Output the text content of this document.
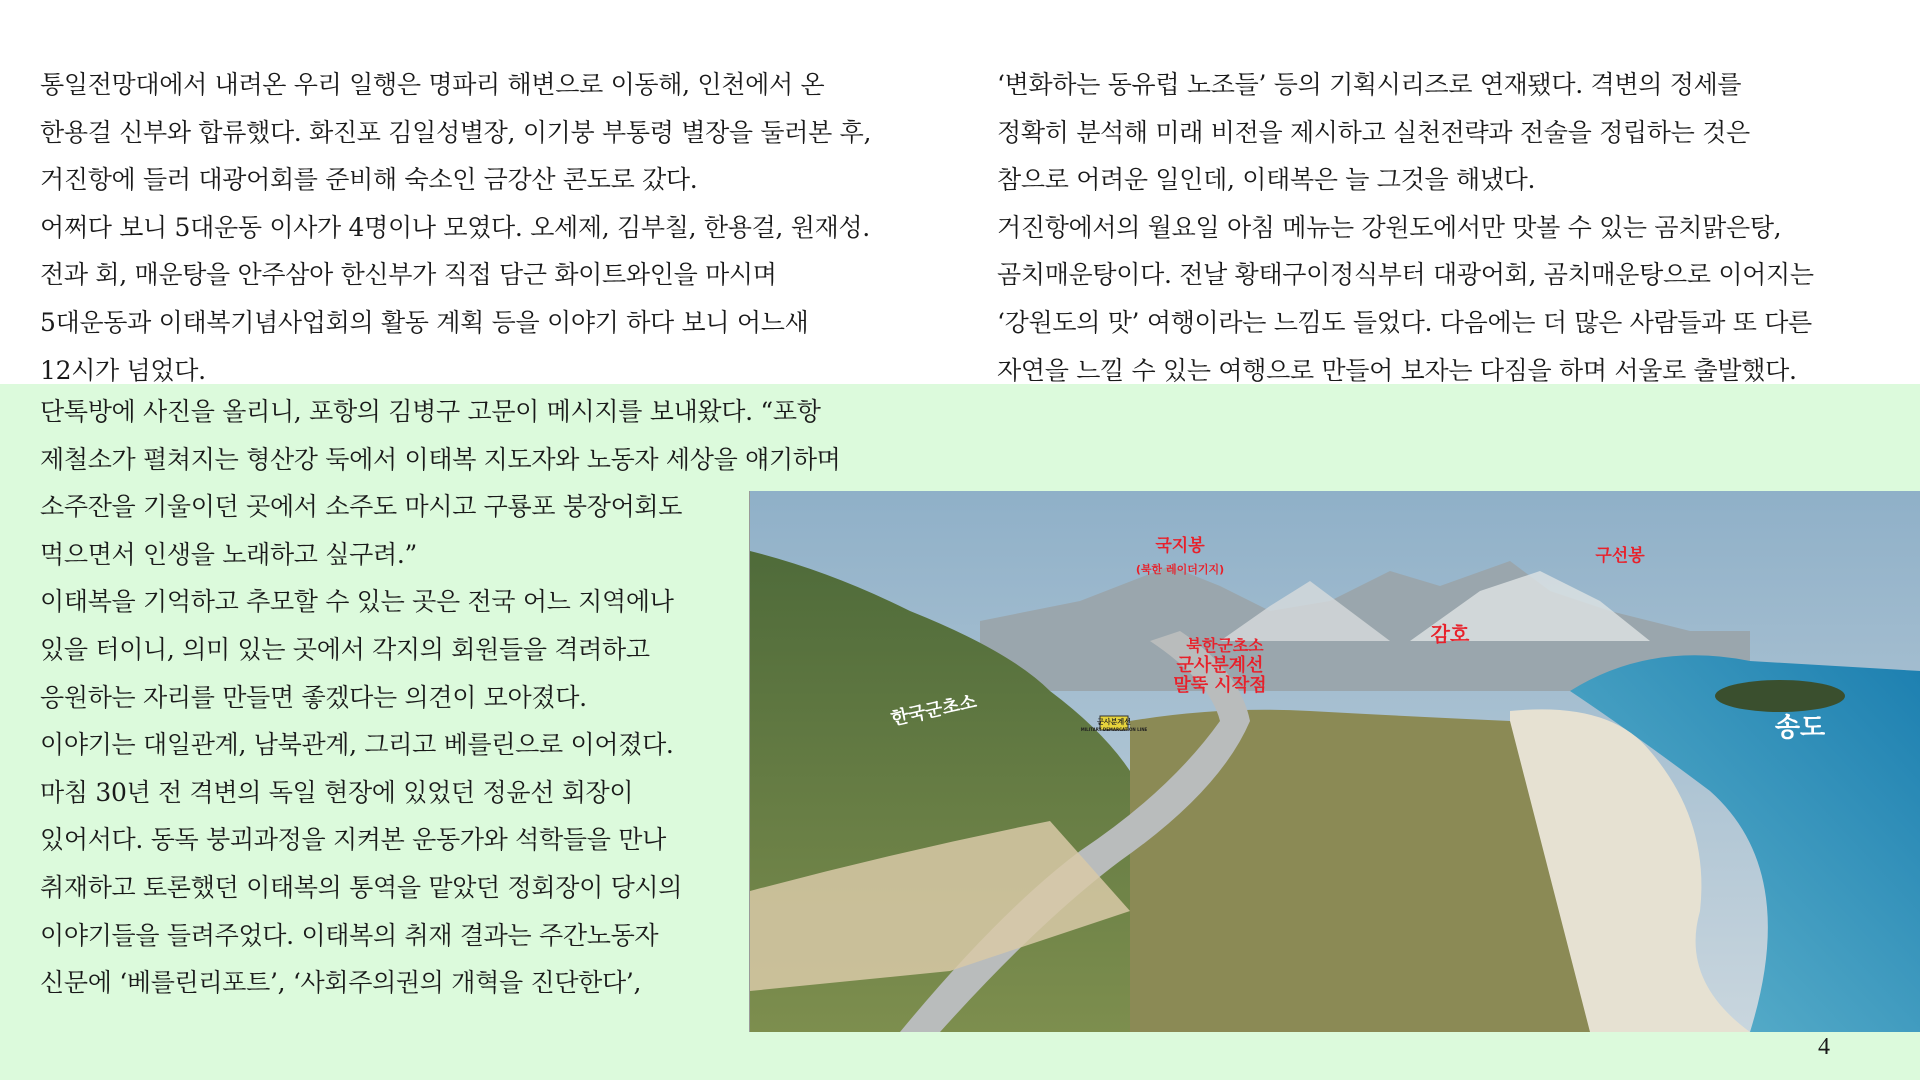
통일전망대에서 내려온 우리 일행은 명파리 해변으로 이동해, 인천에서 온

한용걸 신부와 합류했다. 화진포 김일성별장, 이기붕 부통령 별장을 둘러본 후,

거진항에 들러 대광어회를 준비해 숙소인 금강산 콘도로 갔다.

어쩌다 보니 5대운동 이사가 4명이나 모였다. 오세제, 김부칠, 한용걸, 원재성.

전과 회, 매운탕을 안주삼아 한신부가 직접 담근 화이트와인을 마시며

5대운동과 이태복기념사업회의 활동 계획 등을 이야기 하다 보니 어느새

12시가 넘었다.

‘변화하는 동유럽 노조들’ 등의 기획시리즈로 연재됐다. 격변의 정세를

정확히 분석해 미래 비전을 제시하고 실천전략과 전술을 정립하는 것은

참으로 어려운 일인데, 이태복은 늘 그것을 해냈다.

거진항에서의 월요일 아침 메뉴는 강원도에서만 맛볼 수 있는 곰치맑은탕,

곰치매운탕이다. 전날 황태구이정식부터 대광어회, 곰치매운탕으로 이어지는

‘강원도의 맛’ 여행이라는 느낌도 들었다. 다음에는 더 많은 사람들과 또 다른

자연을 느낄 수 있는 여행으로 만들어 보자는 다짐을 하며 서울로 출발했다.

단톡방에 사진을 올리니, 포항의 김병구 고문이 메시지를 보내왔다. “포항

제철소가 펼쳐지는 형산강 둑에서 이태복 지도자와 노동자 세상을 얘기하며

소주잔을 기울이던 곳에서 소주도 마시고 구룡포 붕장어회도

먹으면서 인생을 노래하고 싶구려.”

이태복을 기억하고 추모할 수 있는 곳은 전국 어느 지역에나

있을 터이니, 의미 있는 곳에서 각지의 회원들을 격려하고

응원하는 자리를 만들면 좋겠다는 의견이 모아졌다.

이야기는 대일관계, 남북관계, 그리고 베를린으로 이어졌다.

마침 30년 전 격변의 독일 현장에 있었던 정윤선 회장이

있어서다. 동독 붕괴과정을 지켜본 운동가와 석학들을 만나

취재하고 토론했던 이태복의 통역을 맡았던 정회장이 당시의

이야기들을 들려주었다. 이태복의 취재 결과는 주간노동자

신문에 ‘베를린리포트’, ‘사회주의권의 개혁을 진단한다’,

국지봉
(북한 레이더기지)
구선봉
북한군초소	감호
군사분계선
MILITARY DEMARCATION LINE
군사분계선
말뚝 시작점
한국군초소	송도
4
